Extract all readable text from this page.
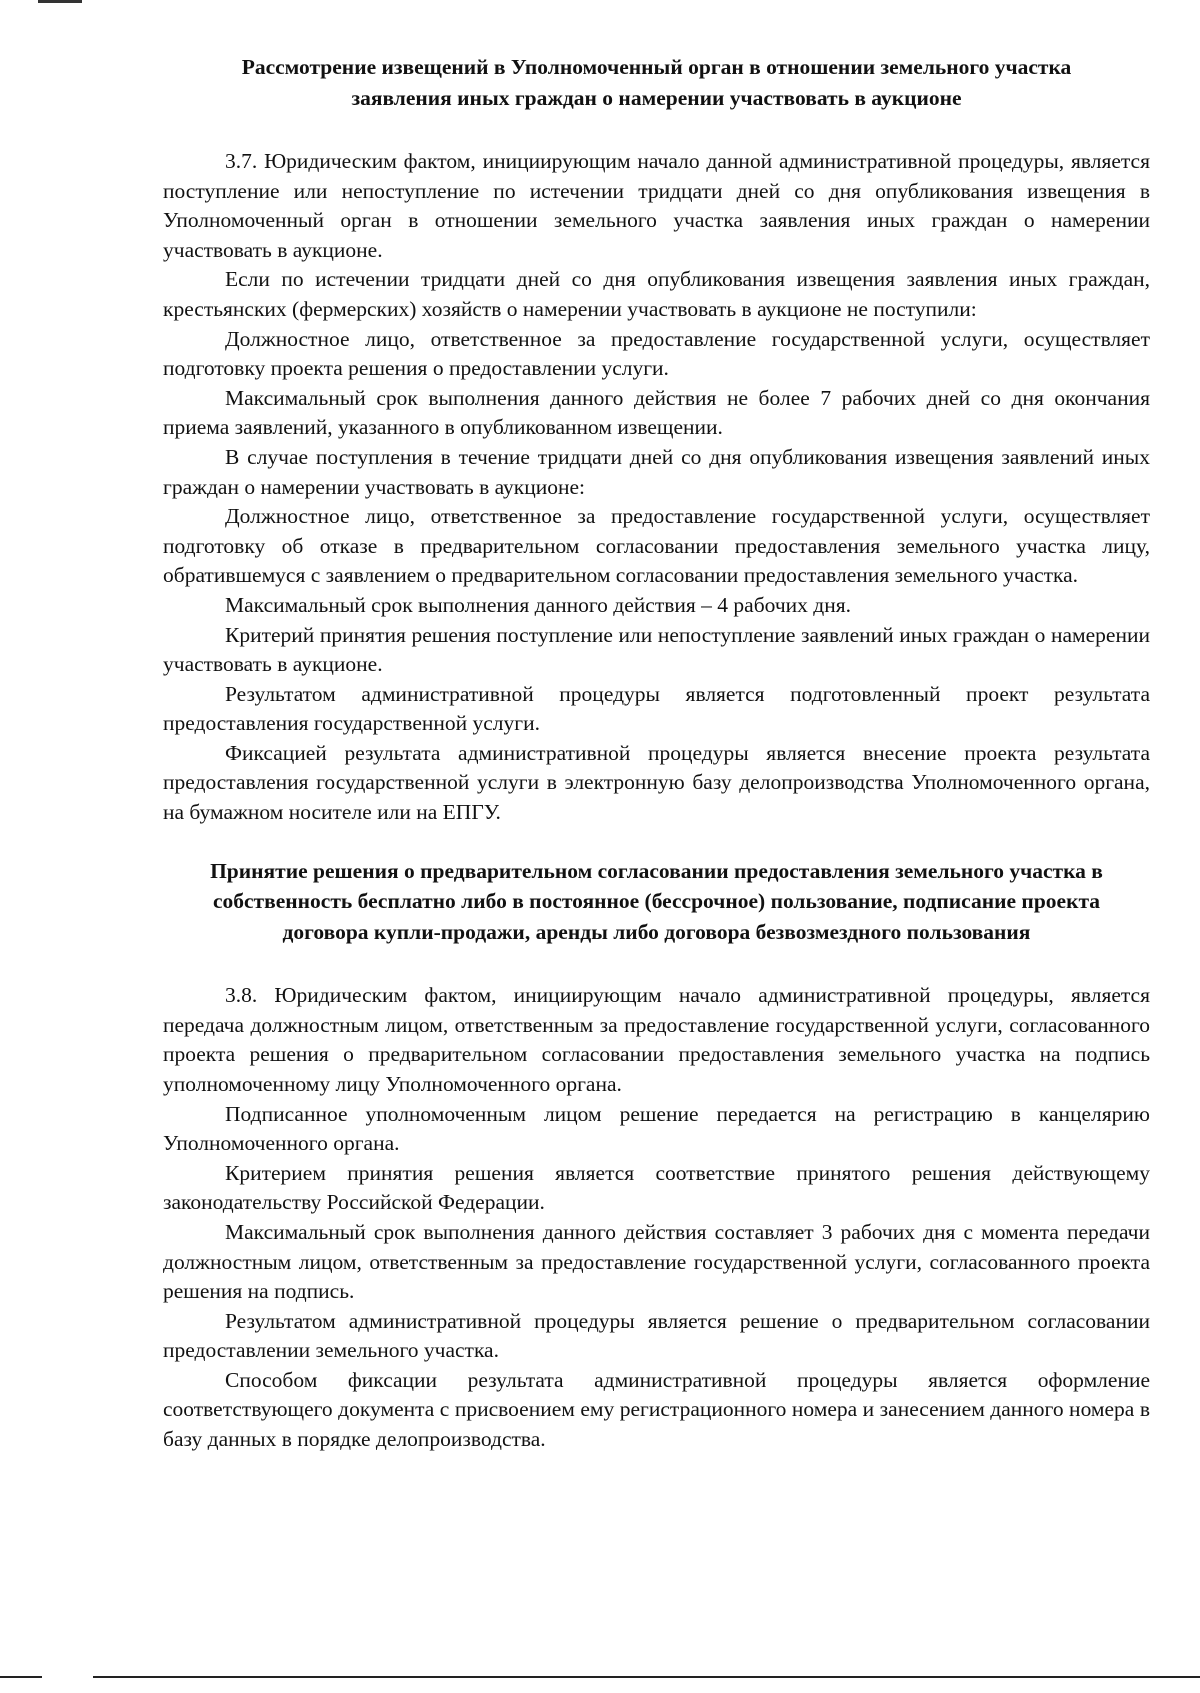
Рассмотрение извещений в Уполномоченный орган в отношении земельного участка заявления иных граждан о намерении участвовать в аукционе

3.7. Юридическим фактом, инициирующим начало данной административной процедуры, является поступление или непоступление по истечении тридцати дней со дня опубликования извещения в Уполномоченный орган в отношении земельного участка заявления иных граждан о намерении участвовать в аукционе.

Если по истечении тридцати дней со дня опубликования извещения заявления иных граждан, крестьянских (фермерских) хозяйств о намерении участвовать в аукционе не поступили:

Должностное лицо, ответственное за предоставление государственной услуги, осуществляет подготовку проекта решения о предоставлении услуги.

Максимальный срок выполнения данного действия не более 7 рабочих дней со дня окончания приема заявлений, указанного в опубликованном извещении.

В случае поступления в течение тридцати дней со дня опубликования извещения заявлений иных граждан о намерении участвовать в аукционе:

Должностное лицо, ответственное за предоставление государственной услуги, осуществляет подготовку об отказе в предварительном согласовании предоставления земельного участка лицу, обратившемуся с заявлением о предварительном согласовании предоставления земельного участка.

Максимальный срок выполнения данного действия – 4 рабочих дня.

Критерий принятия решения поступление или непоступление заявлений иных граждан о намерении участвовать в аукционе.

Результатом административной процедуры является подготовленный проект результата предоставления государственной услуги.

Фиксацией результата административной процедуры является внесение проекта результата предоставления государственной услуги в электронную базу делопроизводства Уполномоченного органа, на бумажном носителе или на ЕПГУ.

Принятие решения о предварительном согласовании предоставления земельного участка в собственность бесплатно либо в постоянное (бессрочное) пользование, подписание проекта договора купли-продажи, аренды либо договора безвозмездного пользования

3.8. Юридическим фактом, инициирующим начало административной процедуры, является передача должностным лицом, ответственным за предоставление государственной услуги, согласованного проекта решения о предварительном согласовании предоставления земельного участка на подпись уполномоченному лицу Уполномоченного органа.

Подписанное уполномоченным лицом решение передается на регистрацию в канцелярию Уполномоченного органа.

Критерием принятия решения является соответствие принятого решения действующему законодательству Российской Федерации.

Максимальный срок выполнения данного действия составляет 3 рабочих дня с момента передачи должностным лицом, ответственным за предоставление государственной услуги, согласованного проекта решения на подпись.

Результатом административной процедуры является решение о предварительном согласовании предоставлении земельного участка.

Способом фиксации результата административной процедуры является оформление соответствующего документа с присвоением ему регистрационного номера и занесением данного номера в базу данных в порядке делопроизводства.
